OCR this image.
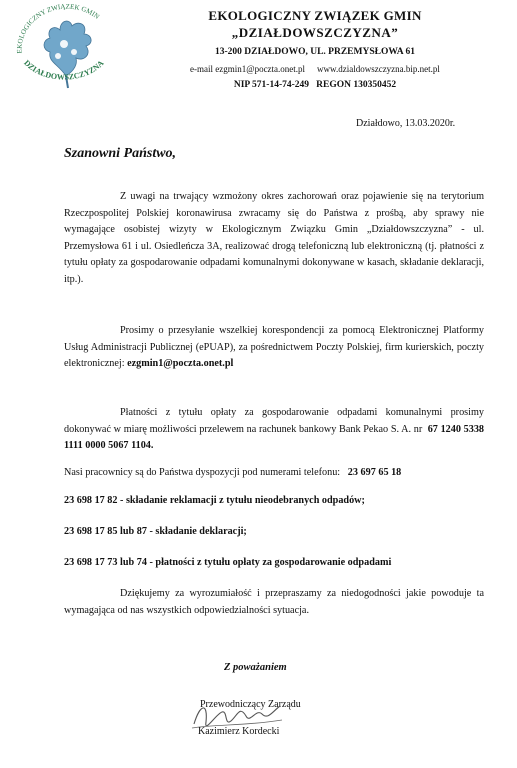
EKOLOGICZNY ZWIĄZEK GMIN
DZIAŁDOWSZCZYZNA
EKOLOGICZNY ZWIĄZEK GMIN
„DZIAŁDOWSZCZYZNA”
13-200 DZIAŁDOWO, UL. PRZEMYSŁOWA 61
e-mail ezgmin1@poczta.onet.pl www.dzialdowszczyzna.bip.net.pl
NIP 571-14-74-249 REGON 130350452
Działdowo, 13.03.2020r.
Szanowni Państwo,
Z uwagi na trwający wzmożony okres zachorowań oraz pojawienie się na terytorium Rzeczpospolitej Polskiej koronawirusa zwracamy się do Państwa z prośbą, aby sprawy nie wymagające osobistej wizyty w Ekologicznym Związku Gmin „Działdowszczyzna” - ul. Przemysłowa 61 i ul. Osiedleńcza 3A, realizować drogą telefoniczną lub elektroniczną (tj. płatności z tytułu opłaty za gospodarowanie odpadami komunalnymi dokonywane w kasach, składanie deklaracji, itp.).
Prosimy o przesyłanie wszelkiej korespondencji za pomocą Elektronicznej Platformy Usług Administracji Publicznej (ePUAP), za pośrednictwem Poczty Polskiej, firm kurierskich, poczty elektronicznej: ezgmin1@poczta.onet.pl
Płatności z tytułu opłaty za gospodarowanie odpadami komunalnymi prosimy dokonywać w miarę możliwości przelewem na rachunek bankowy Bank Pekao S. A. nr 67 1240 5338 1111 0000 5067 1104.
Nasi pracownicy są do Państwa dyspozycji pod numerami telefonu: 23 697 65 18
23 698 17 82 - składanie reklamacji z tytułu nieodebranych odpadów;
23 698 17 85 lub 87 - składanie deklaracji;
23 698 17 73 lub 74 - płatności z tytułu opłaty za gospodarowanie odpadami
Dziękujemy za wyrozumiałość i przepraszamy za niedogodności jakie powoduje ta wymagająca od nas wszystkich odpowiedzialności sytuacja.
Z poważaniem
Przewodniczący Zarządu
Kazimierz Kordecki
